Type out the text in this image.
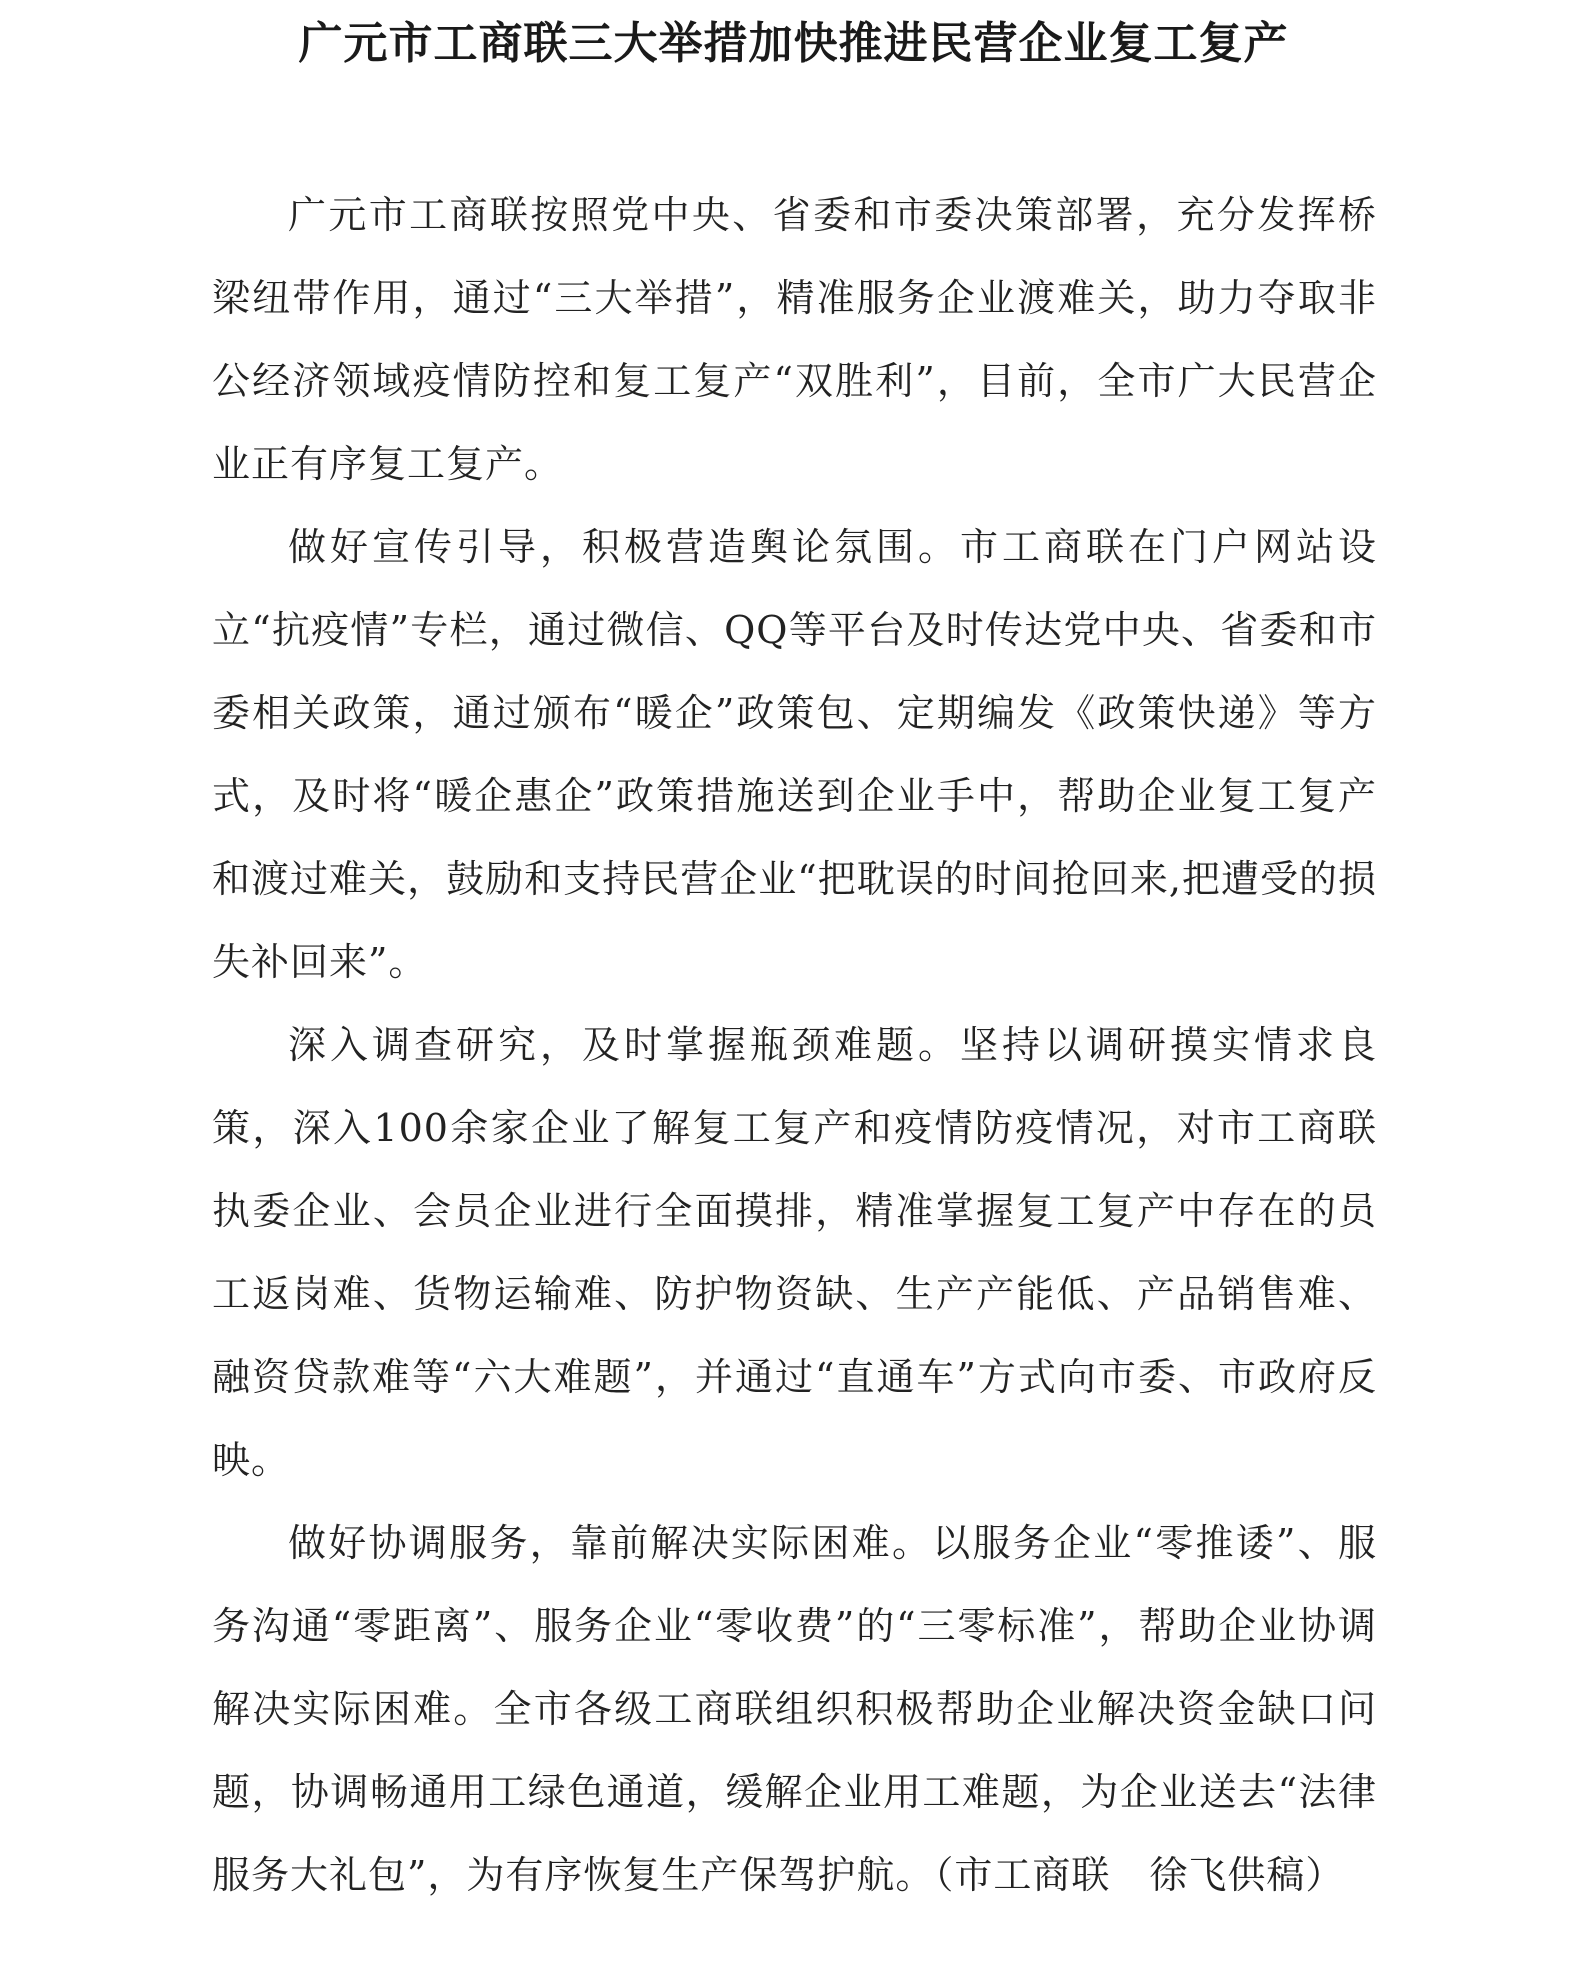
广元市工商联三大举措加快推进民营企业复工复产

广元市工商联按照党中央、省委和市委决策部署，充分发挥桥梁纽带作用，通过“三大举措”，精准服务企业渡难关，助力夺取非公经济领域疫情防控和复工复产“双胜利”，目前，全市广大民营企业正有序复工复产。

做好宣传引导，积极营造舆论氛围。市工商联在门户网站设立“抗疫情”专栏，通过微信、QQ等平台及时传达党中央、省委和市委相关政策，通过颁布“暖企”政策包、定期编发《政策快递》等方式，及时将“暖企惠企”政策措施送到企业手中，帮助企业复工复产和渡过难关，鼓励和支持民营企业“把耽误的时间抢回来,把遭受的损失补回来”。

深入调查研究，及时掌握瓶颈难题。坚持以调研摸实情求良策，深入100余家企业了解复工复产和疫情防疫情况，对市工商联执委企业、会员企业进行全面摸排，精准掌握复工复产中存在的员工返岗难、货物运输难、防护物资缺、生产产能低、产品销售难、融资贷款难等“六大难题”，并通过“直通车”方式向市委、市政府反映。

做好协调服务，靠前解决实际困难。以服务企业“零推诿”、服务沟通“零距离”、服务企业“零收费”的“三零标准”，帮助企业协调解决实际困难。全市各级工商联组织积极帮助企业解决资金缺口问题，协调畅通用工绿色通道，缓解企业用工难题，为企业送去“法律服务大礼包”，为有序恢复生产保驾护航。（市工商联　徐飞供稿）
